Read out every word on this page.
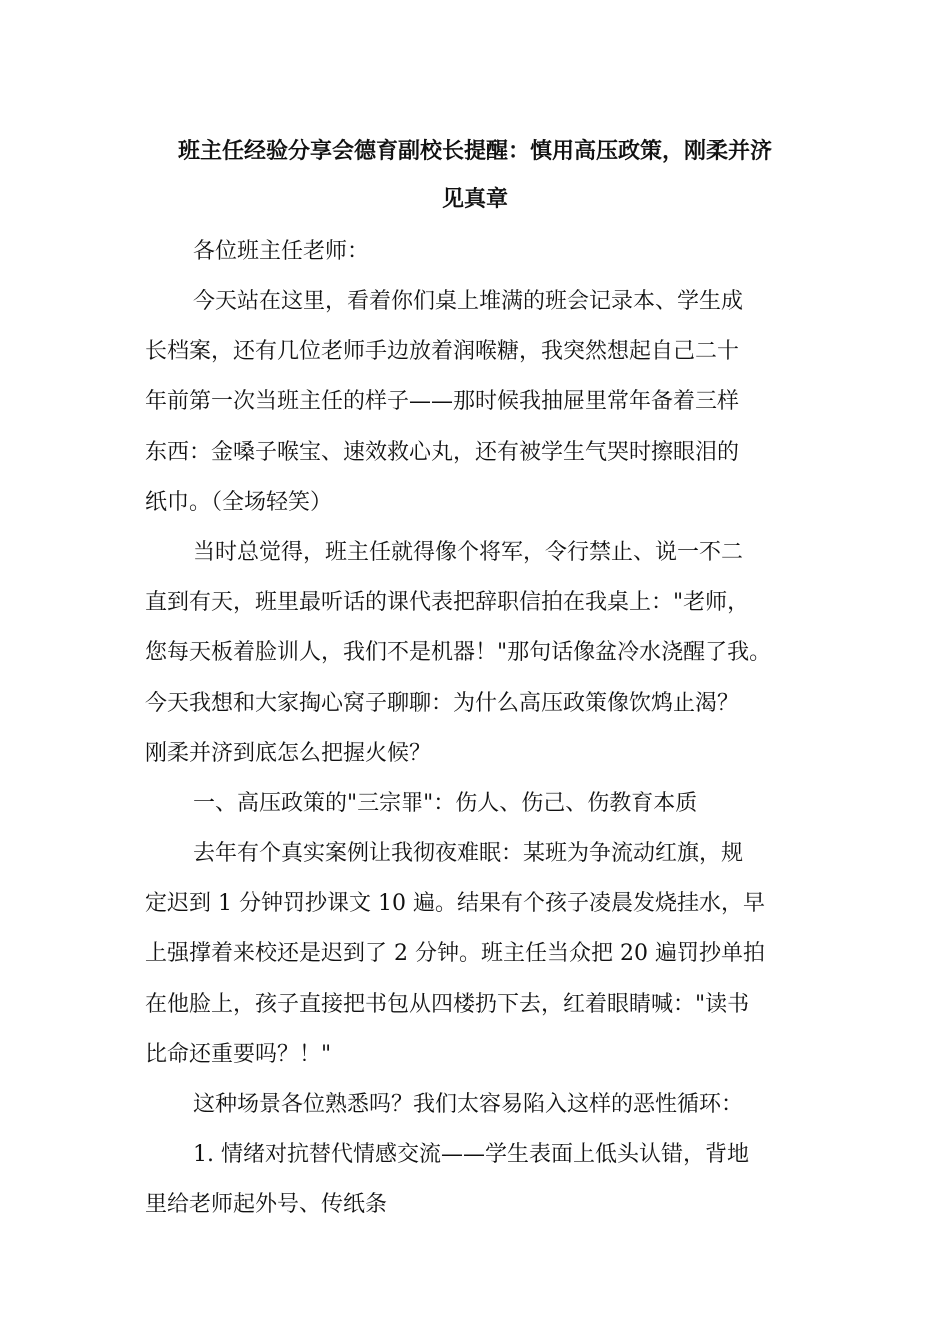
班主任经验分享会德育副校长提醒：慎用高压政策，刚柔并济
见真章
各位班主任老师：
今天站在这里，看着你们桌上堆满的班会记录本、学生成
长档案，还有几位老师手边放着润喉糖，我突然想起自己二十
年前第一次当班主任的样子——那时候我抽屉里常年备着三样
东西：金嗓子喉宝、速效救心丸，还有被学生气哭时擦眼泪的
纸巾。（全场轻笑）
当时总觉得，班主任就得像个将军，令行禁止、说一不二
直到有天，班里最听话的课代表把辞职信拍在我桌上："老师，
您每天板着脸训人，我们不是机器！"那句话像盆冷水浇醒了我。
今天我想和大家掏心窝子聊聊：为什么高压政策像饮鸩止渴？
刚柔并济到底怎么把握火候？
一、高压政策的"三宗罪"：伤人、伤己、伤教育本质
去年有个真实案例让我彻夜难眠：某班为争流动红旗，规
定迟到 1 分钟罚抄课文 10 遍。结果有个孩子凌晨发烧挂水，早
上强撑着来校还是迟到了 2 分钟。班主任当众把 20 遍罚抄单拍
在他脸上，孩子直接把书包从四楼扔下去，红着眼睛喊："读书
比命还重要吗？！"
这种场景各位熟悉吗？我们太容易陷入这样的恶性循环：
1. 情绪对抗替代情感交流——学生表面上低头认错，背地
里给老师起外号、传纸条
